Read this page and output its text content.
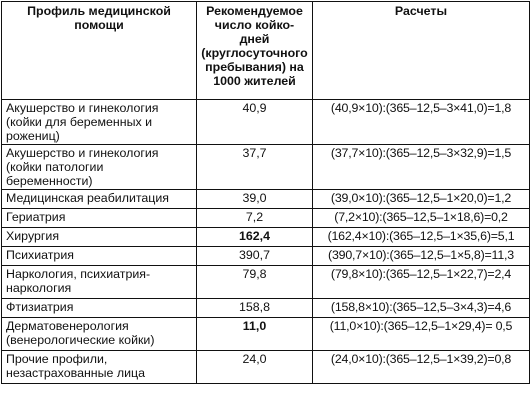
Профиль медицинской помощи	Рекомендуемое число койко-дней (круглосуточного пребывания) на 1000 жителей	Расчеты
Акушерство и гинекология (койки для беременных и рожениц)	40,9	(40,9×10):(365–12,5–3×41,0)=1,8
Акушерство и гинекология (койки патологии беременности)	37,7	(37,7×10):(365–12,5–3×32,9)=1,5
Медицинская реабилитация	39,0	(39,0×10):(365–12,5–1×20,0)=1,2
Гериатрия	7,2	(7,2×10):(365–12,5–1×18,6)=0,2
Хирургия	162,4	(162,4×10):(365–12,5–1×35,6)=5,1
Психиатрия	390,7	(390,7×10):(365–12,5–1×5,8)=11,3
Наркология, психиатрия-наркология	79,8	(79,8×10):(365–12,5–1×22,7)=2,4
Фтизиатрия	158,8	(158,8×10):(365–12,5–3×4,3)=4,6
Дерматовенерология (венерологические койки)	11,0	(11,0×10):(365–12,5–1×29,4)= 0,5
Прочие профили, незастрахованные лица	24,0	(24,0×10):(365–12,5–1×39,2)=0,8
